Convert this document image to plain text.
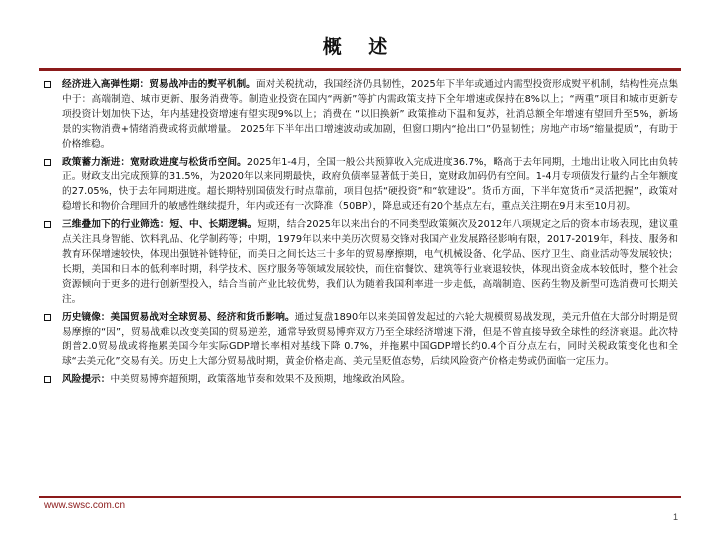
概 述
经济进入高弹性期：贸易战冲击的熨平机制。面对关税扰动，我国经济仍具韧性，2025年下半年或通过内需型投资形成熨平机制，结构性亮点集中于：高端制造、城市更新、服务消费等。制造业投资在国内“两新”等扩内需政策支持下全年增速或保持在8%以上；“两重”项目和城市更新专项投资计划加快下达，年内基建投资增速有望实现9%以上；消费在 “以旧换新” 政策推动下温和复苏，社消总额全年增速有望回升至5%，新场景的实物消费+情绪消费或将贡献增量。 2025年下半年出口增速波动或加剧，但窗口期内“抢出口”仍显韧性；房地产市场“缩量提质”，有助于价格维稳。
政策蓄力渐进：宽财政进度与松货币空间。2025年1-4月，全国一般公共预算收入完成进度36.7%，略高于去年同期，土地出让收入同比由负转正。财政支出完成预算的31.5%，为2020年以来同期最快，政府负债率显著低于美日，宽财政加码仍有空间。1-4月专项债发行量约占全年额度的27.05%，快于去年同期进度。超长期特别国债发行时点靠前，项目包括“硬投资”和“软建设”。货币方面，下半年宽货币“灵活把握”，政策对稳增长和物价合理回升的敏感性继续提升，年内或还有一次降准（50BP），降息或还有20个基点左右，重点关注期在9月末至10月初。
三维叠加下的行业筛选：短、中、长期逻辑。短期，结合2025年以来出台的不同类型政策频次及2012年八项规定之后的资本市场表现，建议重点关注具身智能、饮料乳品、化学制药等；中期，1979年以来中美历次贸易交锋对我国产业发展路径影响有限，2017-2019年，科技、服务和教育环保增速较快，体现出强链补链特征，而美日之间长达三十多年的贸易摩擦期，电气机械设备、化学品、医疗卫生、商业活动等发展较快；长期，美国和日本的低利率时期，科学技术、医疗服务等领域发展较快，而住宿餐饮、建筑等行业衰退较快，体现出资金成本较低时，整个社会资源倾向于更多的进行创新型投入，结合当前产业比较优势，我们认为随着我国利率进一步走低，高端制造、医药生物及新型可选消费可长期关注。
历史镜像：美国贸易战对全球贸易、经济和货币影响。通过复盘1890年以来美国曾发起过的六轮大规模贸易战发现，美元升值在大部分时期是贸易摩擦的“因”，贸易战难以改变美国的贸易逆差，通常导致贸易博弈双方乃至全球经济增速下滑，但是不曾直接导致全球性的经济衰退。此次特朗普2.0贸易战或将拖累美国今年实际GDP增长率相对基线下降 0.7%，并拖累中国GDP增长约0.4个百分点左右，同时关税政策变化也和全球“去美元化”交易有关。历史上大部分贸易战时期，黄金价格走高、美元呈贬值态势，后续风险资产价格走势或仍面临一定压力。
风险提示：中美贸易博弈超预期，政策落地节奏和效果不及预期，地缘政治风险。
www.swsc.com.cn
1
